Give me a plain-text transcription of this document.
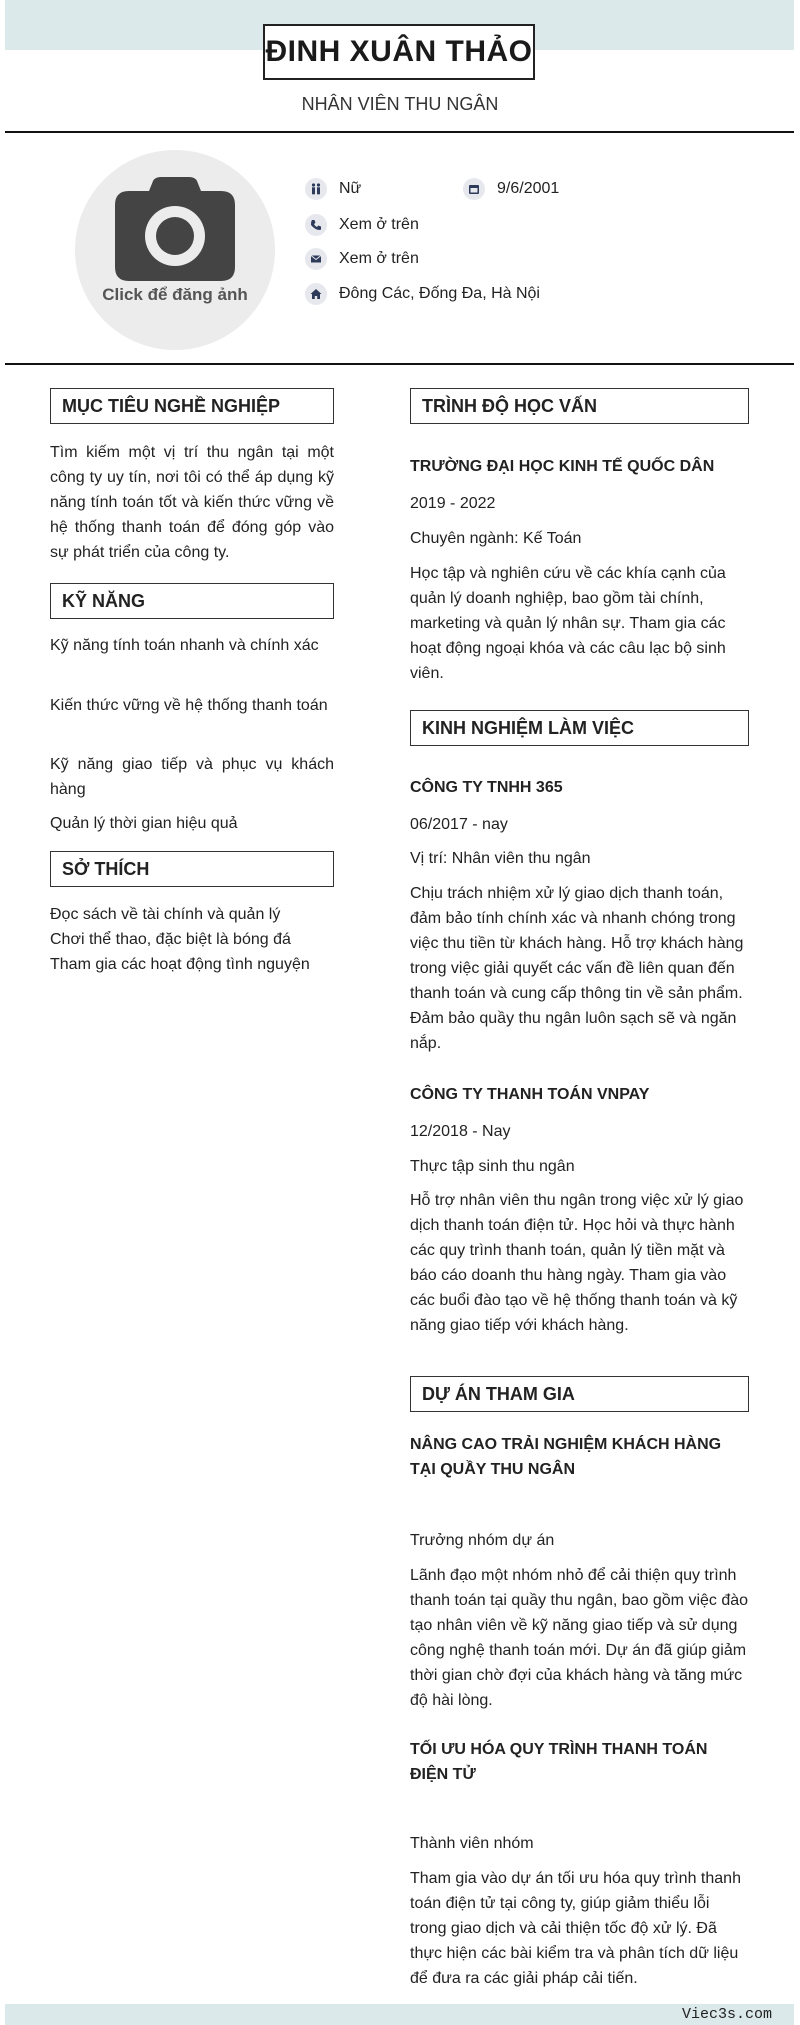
ĐINH XUÂN THẢO
NHÂN VIÊN THU NGÂN
Click để đăng ảnh
Nữ	9/6/2001
Xem ở trên
Xem ở trên
Đông Các, Đống Đa, Hà Nội
MỤC TIÊU NGHỀ NGHIỆP
Tìm kiếm một vị trí thu ngân tại một công ty uy tín, nơi tôi có thể áp dụng kỹ năng tính toán tốt và kiến thức vững về hệ thống thanh toán để đóng góp vào sự phát triển của công ty.
KỸ NĂNG
Kỹ năng tính toán nhanh và chính xác
Kiến thức vững về hệ thống thanh toán
Kỹ năng giao tiếp và phục vụ khách hàng
Quản lý thời gian hiệu quả
SỞ THÍCH
Đọc sách về tài chính và quản lý
Chơi thể thao, đặc biệt là bóng đá
Tham gia các hoạt động tình nguyện
TRÌNH ĐỘ HỌC VẤN
TRƯỜNG ĐẠI HỌC KINH TẾ QUỐC DÂN
2019 - 2022
Chuyên ngành: Kế Toán
Học tập và nghiên cứu về các khía cạnh của quản lý doanh nghiệp, bao gồm tài chính, marketing và quản lý nhân sự. Tham gia các hoạt động ngoại khóa và các câu lạc bộ sinh viên.
KINH NGHIỆM LÀM VIỆC
CÔNG TY TNHH 365
06/2017 - nay
Vị trí: Nhân viên thu ngân
Chịu trách nhiệm xử lý giao dịch thanh toán, đảm bảo tính chính xác và nhanh chóng trong việc thu tiền từ khách hàng. Hỗ trợ khách hàng trong việc giải quyết các vấn đề liên quan đến thanh toán và cung cấp thông tin về sản phẩm. Đảm bảo quầy thu ngân luôn sạch sẽ và ngăn nắp.
CÔNG TY THANH TOÁN VNPAY
12/2018 - Nay
Thực tập sinh thu ngân
Hỗ trợ nhân viên thu ngân trong việc xử lý giao dịch thanh toán điện tử. Học hỏi và thực hành các quy trình thanh toán, quản lý tiền mặt và báo cáo doanh thu hàng ngày. Tham gia vào các buổi đào tạo về hệ thống thanh toán và kỹ năng giao tiếp với khách hàng.
DỰ ÁN THAM GIA
NÂNG CAO TRẢI NGHIỆM KHÁCH HÀNG TẠI QUẦY THU NGÂN
Trưởng nhóm dự án
Lãnh đạo một nhóm nhỏ để cải thiện quy trình thanh toán tại quầy thu ngân, bao gồm việc đào tạo nhân viên về kỹ năng giao tiếp và sử dụng công nghệ thanh toán mới. Dự án đã giúp giảm thời gian chờ đợi của khách hàng và tăng mức độ hài lòng.
TỐI ƯU HÓA QUY TRÌNH THANH TOÁN ĐIỆN TỬ
Thành viên nhóm
Tham gia vào dự án tối ưu hóa quy trình thanh toán điện tử tại công ty, giúp giảm thiểu lỗi trong giao dịch và cải thiện tốc độ xử lý. Đã thực hiện các bài kiểm tra và phân tích dữ liệu để đưa ra các giải pháp cải tiến.
Viec3s.com
